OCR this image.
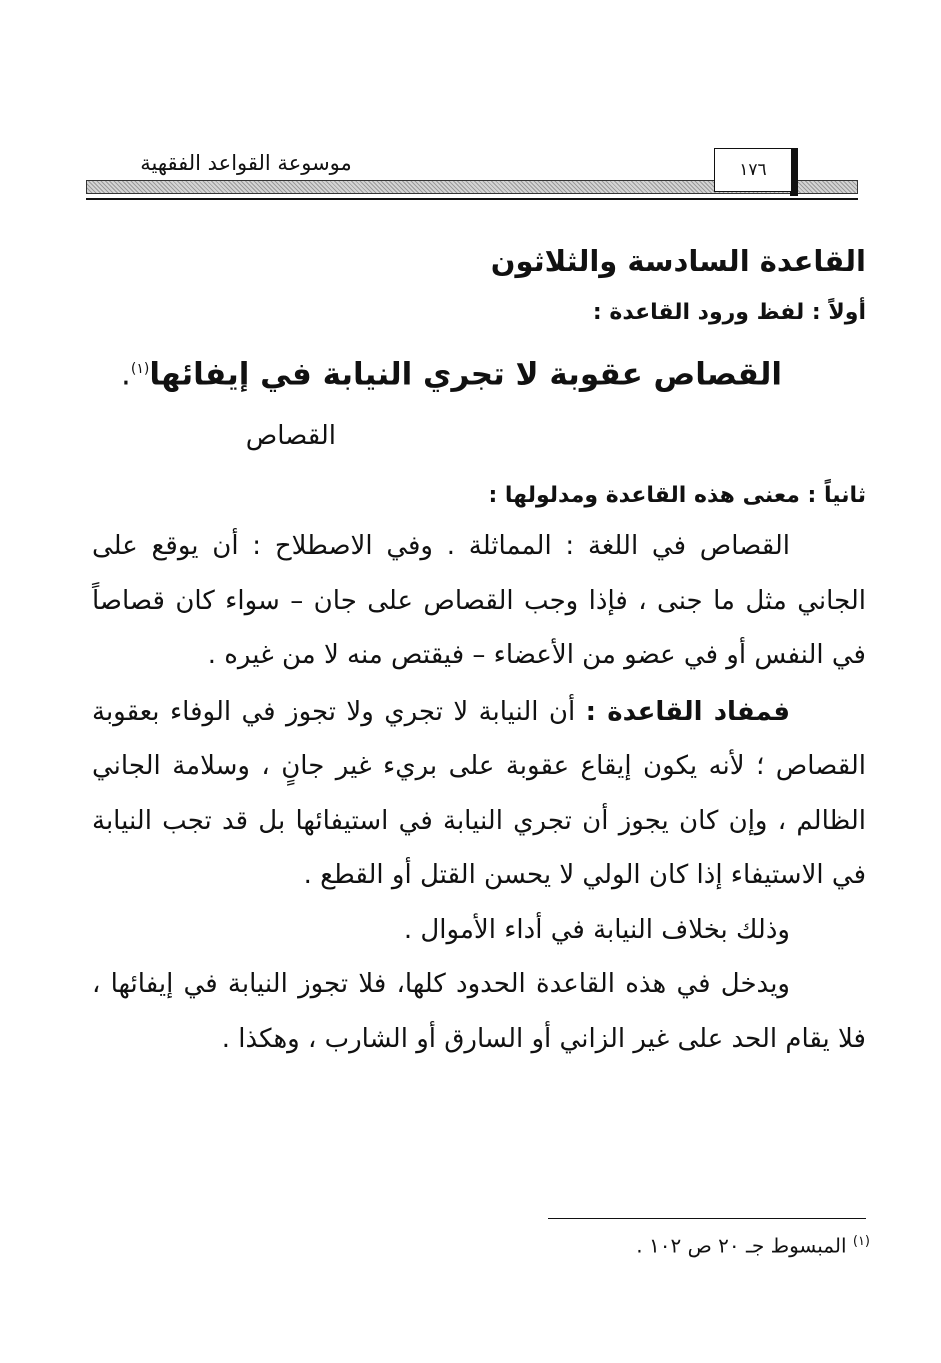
موسوعة القواعد الفقهية	١٧٦
القاعدة السادسة والثلاثون
أولاً : لفظ ورود القاعدة :

القصاص عقوبة لا تجري النيابة في إيفائها$^{(١)}$.

القصاص

ثانياً : معنى هذه القاعدة ومدلولها :

القصاص في اللغة : المماثلة . وفي الاصطلاح : أن يوقع على الجاني مثل ما جنى ، فإذا وجب القصاص على جان – سواء كان قصاصاً في النفس أو في عضو من الأعضاء – فيقتص منه لا من غيره .

فمفاد القاعدة : أن النيابة لا تجري ولا تجوز في الوفاء بعقوبة القصاص ؛ لأنه يكون إيقاع عقوبة على بريء غير جانٍ ، وسلامة الجاني الظالم ، وإن كان يجوز أن تجري النيابة في استيفائها بل قد تجب النيابة في الاستيفاء إذا كان الولي لا يحسن القتل أو القطع .

وذلك بخلاف النيابة في أداء الأموال .

ويدخل في هذه القاعدة الحدود كلها، فلا تجوز النيابة في إيفائها ، فلا يقام الحد على غير الزاني أو السارق أو الشارب ، وهكذا .

$^{(١)}$ المبسوط جـ ٢٠ ص ١٠٢ .
